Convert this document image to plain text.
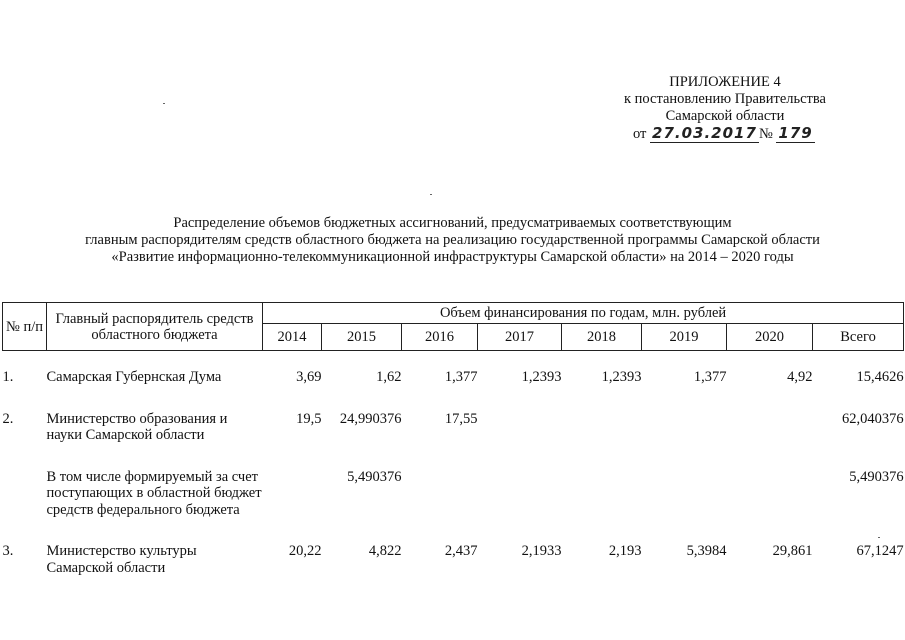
ПРИЛОЖЕНИЕ 4
к постановлению Правительства
Самарской области
от 27.03.2017 № 179
Распределение объемов бюджетных ассигнований, предусматриваемых соответствующим
главным распорядителям средств областного бюджета на реализацию государственной программы Самарской области
«Развитие информационно-телекоммуникационной инфраструктуры Самарской области» на 2014 – 2020 годы
№ п/п	Главный распорядитель средств областного бюджета	Объем финансирования по годам, млн. рублей							
		2014	2015	2016	2017	2018	2019	2020	Всего

1.	Самарская Губернская Дума	3,69	1,62	1,377	1,2393	1,2393	1,377	4,92	15,4626

2.	Министерство образования и науки Самарской области	19,5	24,990376	17,55					62,040376

	В том числе формируемый за счет поступающих в областной бюджет средств федерального бюджета		5,490376						5,490376

3.	Министерство культуры Самарской области	20,22	4,822	2,437	2,1933	2,193	5,3984	29,861	67,1247
